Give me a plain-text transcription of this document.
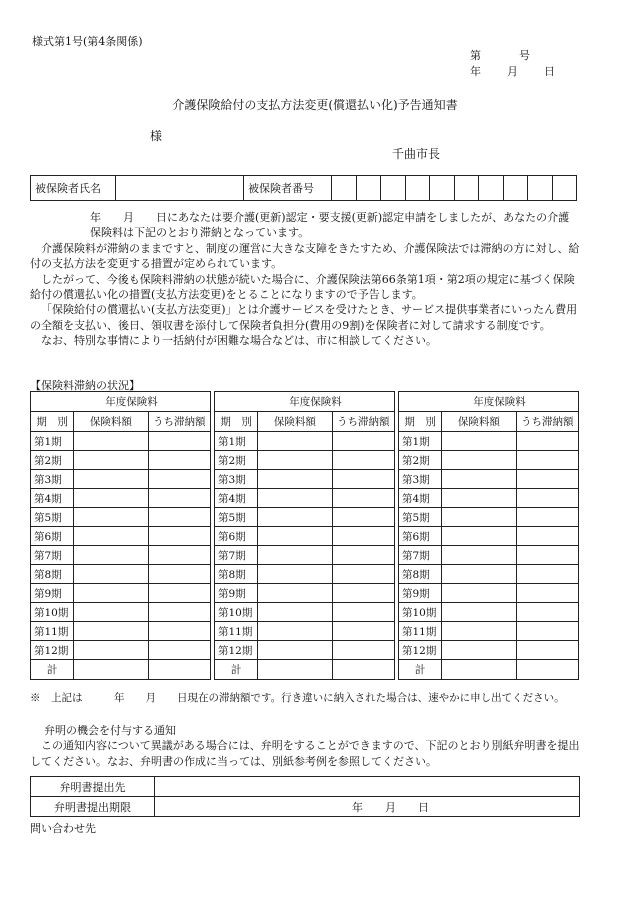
様式第1号(第4条関係)
第	号
年 月 日
介護保険給付の支払方法変更(償還払い化)予告通知書
様
千曲市長
被保険者氏名		被保険者番号										

年　　月　　日にあなたは要介護(更新)認定・要支援(更新)認定申請をしましたが、あなたの介護保険料は下記のとおり滞納となっています。

介護保険料が滞納のままですと、制度の運営に大きな支障をきたすため、介護保険法では滞納の方に対し、給付の支払方法を変更する措置が定められています。

したがって、今後も保険料滞納の状態が続いた場合に、介護保険法第66条第1項・第2項の規定に基づく保険給付の償還払い化の措置(支払方法変更)をとることになりますので予告します。

「保険給付の償還払い(支払方法変更)」とは介護サービスを受けたとき、サービス提供事業者にいったん費用の全額を支払い、後日、領収書を添付して保険者負担分(費用の9割)を保険者に対して請求する制度です。

なお、特別な事情により一括納付が困難な場合などは、市に相談してください。

【保険料滞納の状況】
年度保険料		
期　別	保険料額	うち滞納額
第1期		
第2期		
第3期		
第4期		
第5期		
第6期		
第7期		
第8期		
第9期		
第10期		
第11期		
第12期		
計		
年度保険料		
期　別	保険料額	うち滞納額
第1期		
第2期		
第3期		
第4期		
第5期		
第6期		
第7期		
第8期		
第9期		
第10期		
第11期		
第12期		
計		
年度保険料		
期　別	保険料額	うち滞納額
第1期		
第2期		
第3期		
第4期		
第5期		
第6期		
第7期		
第8期		
第9期		
第10期		
第11期		
第12期		
計		
※　上記は　　　年　　月　　日現在の滞納額です。行き違いに納入された場合は、速やかに申し出てください。
弁明の機会を付与する通知

この通知内容について異議がある場合には、弁明をすることができますので、下記のとおり別紙弁明書を提出してください。なお、弁明書の作成に当っては、別紙参考例を参照してください。

弁明書提出先	
弁明書提出期限	年　　月　　日
問い合わせ先
